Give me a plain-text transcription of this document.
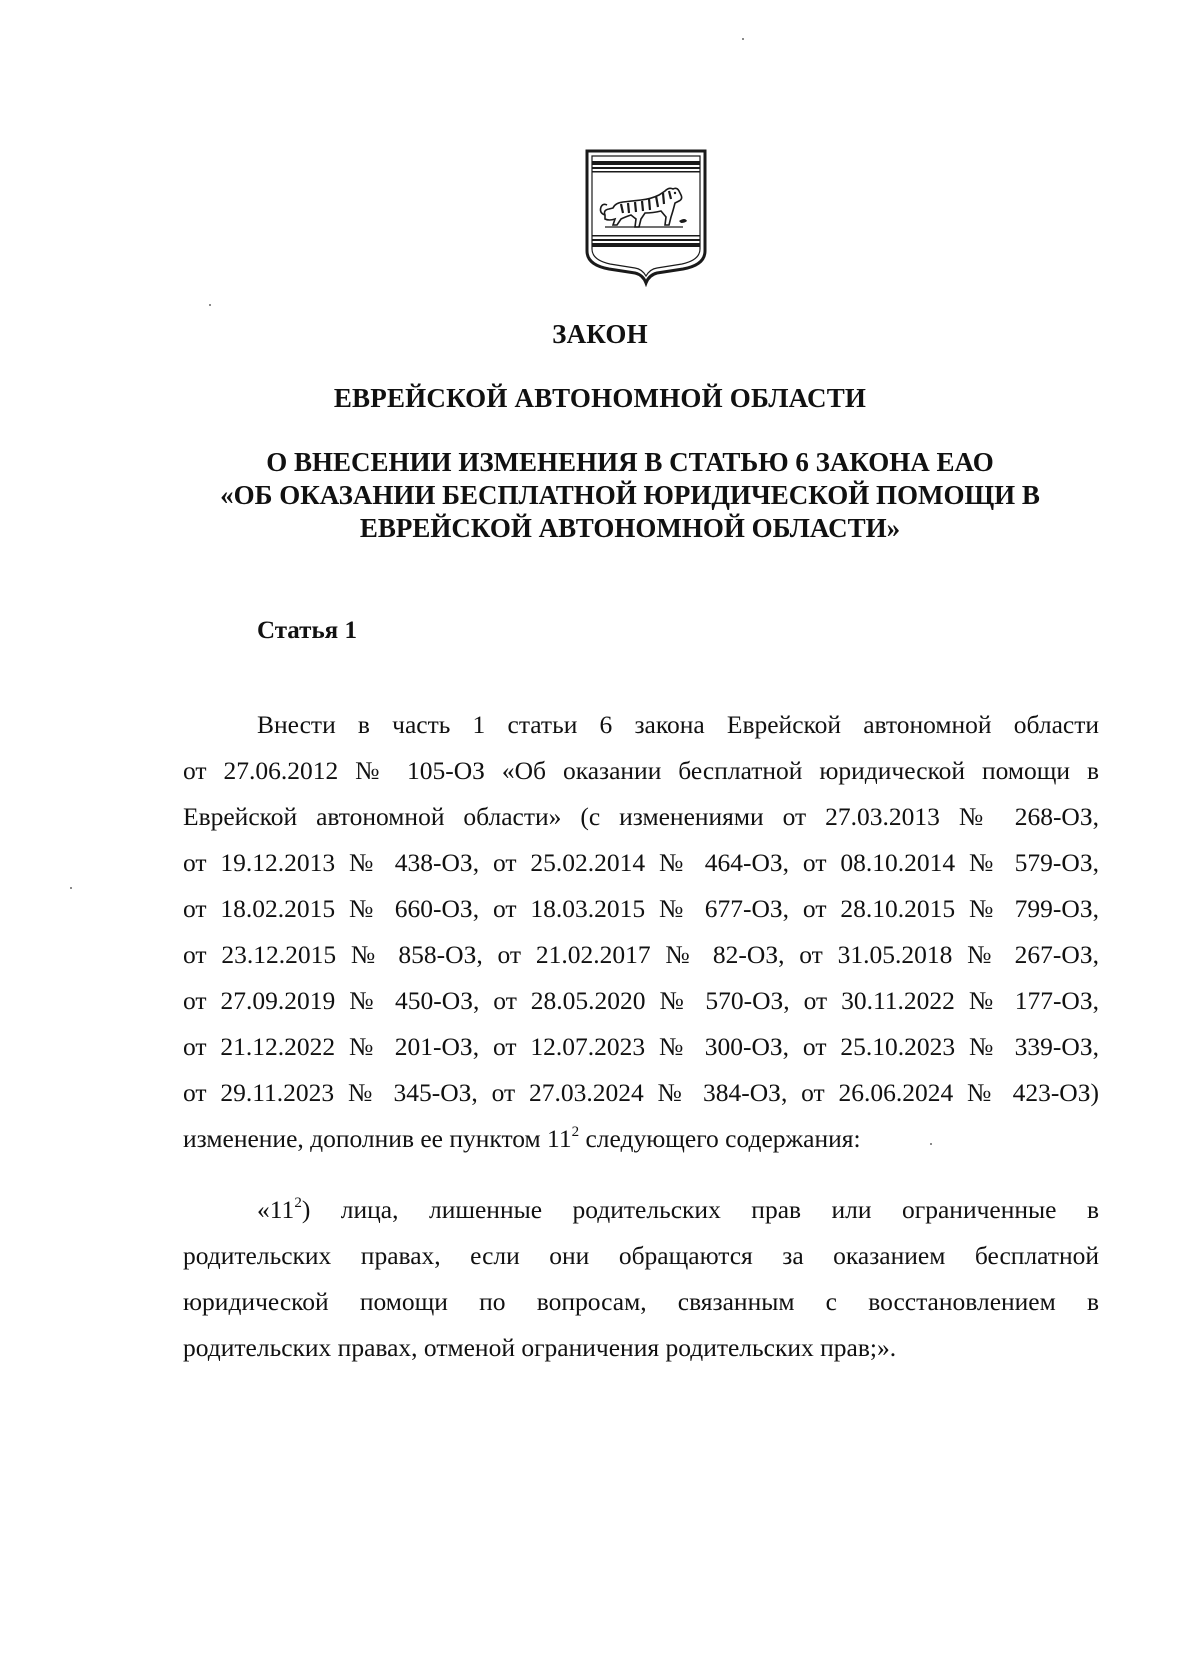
ЗАКОН
ЕВРЕЙСКОЙ АВТОНОМНОЙ ОБЛАСТИ
О ВНЕСЕНИИ ИЗМЕНЕНИЯ В СТАТЬЮ 6 ЗАКОНА ЕАО
«ОБ ОКАЗАНИИ БЕСПЛАТНОЙ ЮРИДИЧЕСКОЙ ПОМОЩИ В
ЕВРЕЙСКОЙ АВТОНОМНОЙ ОБЛАСТИ»
Статья 1
Внести в часть 1 статьи 6 закона Еврейской автономной области
от 27.06.2012 № 105-ОЗ «Об оказании бесплатной юридической помощи в
Еврейской автономной области» (с изменениями от 27.03.2013 № 268-ОЗ,
от 19.12.2013 № 438-ОЗ, от 25.02.2014 № 464-ОЗ, от 08.10.2014 № 579-ОЗ,
от 18.02.2015 № 660-ОЗ, от 18.03.2015 № 677-ОЗ, от 28.10.2015 № 799-ОЗ,
от 23.12.2015 № 858-ОЗ, от 21.02.2017 № 82-ОЗ, от 31.05.2018 № 267-ОЗ,
от 27.09.2019 № 450-ОЗ, от 28.05.2020 № 570-ОЗ, от 30.11.2022 № 177-ОЗ,
от 21.12.2022 № 201-ОЗ, от 12.07.2023 № 300-ОЗ, от 25.10.2023 № 339-ОЗ,
от 29.11.2023 № 345-ОЗ, от 27.03.2024 № 384-ОЗ, от 26.06.2024 № 423-ОЗ)
изменение, дополнив ее пунктом $11^2$ следующего содержания:
«$11^2$) лица, лишенные родительских прав или ограниченные в
родительских правах, если они обращаются за оказанием бесплатной
юридической помощи по вопросам, связанным с восстановлением в
родительских правах, отменой ограничения родительских прав;».
